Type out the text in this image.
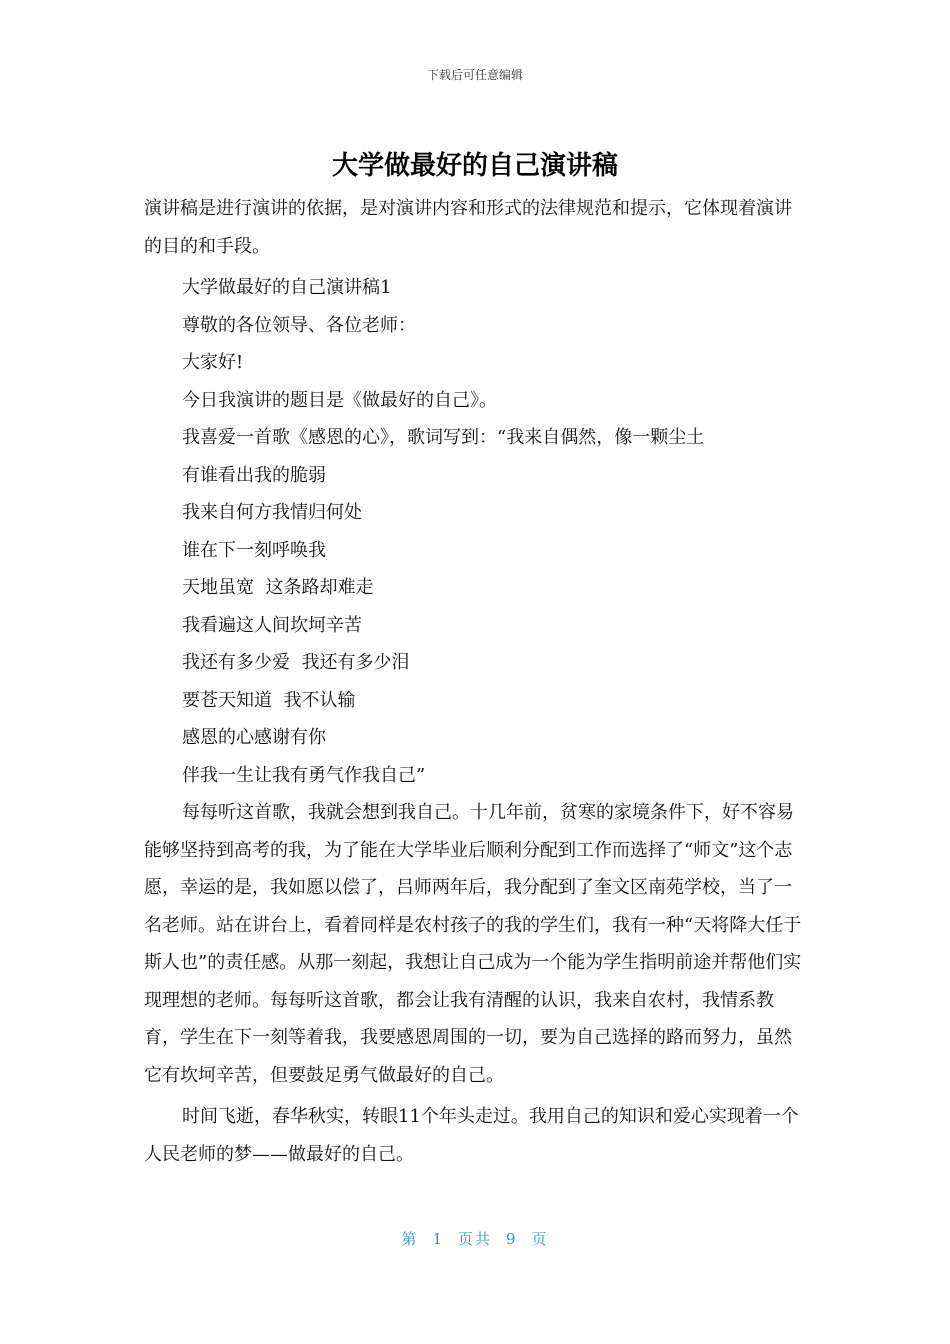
下载后可任意编辑
大学做最好的自己演讲稿

演讲稿是进行演讲的依据，是对演讲内容和形式的法律规范和提示，它体现着演讲的目的和手段。

大学做最好的自己演讲稿1

尊敬的各位领导、各位老师：

大家好!

今日我演讲的题目是《做最好的自己》。

我喜爱一首歌《感恩的心》，歌词写到：“我来自偶然，像一颗尘土

有谁看出我的脆弱

我来自何方我情归何处

谁在下一刻呼唤我

天地虽宽  这条路却难走

我看遍这人间坎坷辛苦

我还有多少爱  我还有多少泪

要苍天知道  我不认输

感恩的心感谢有你

伴我一生让我有勇气作我自己”

每每听这首歌，我就会想到我自己。十几年前，贫寒的家境条件下，好不容易能够坚持到高考的我，为了能在大学毕业后顺利分配到工作而选择了“师文”这个志愿，幸运的是，我如愿以偿了，吕师两年后，我分配到了奎文区南苑学校，当了一名老师。站在讲台上，看着同样是农村孩子的我的学生们，我有一种“天将降大任于斯人也”的责任感。从那一刻起，我想让自己成为一个能为学生指明前途并帮他们实现理想的老师。每每听这首歌，都会让我有清醒的认识，我来自农村，我情系教育，学生在下一刻等着我，我要感恩周围的一切，要为自己选择的路而努力，虽然它有坎坷辛苦，但要鼓足勇气做最好的自己。

时间飞逝，春华秋实，转眼11个年头走过。我用自己的知识和爱心实现着一个人民老师的梦——做最好的自己。

第 1 页共 9 页
